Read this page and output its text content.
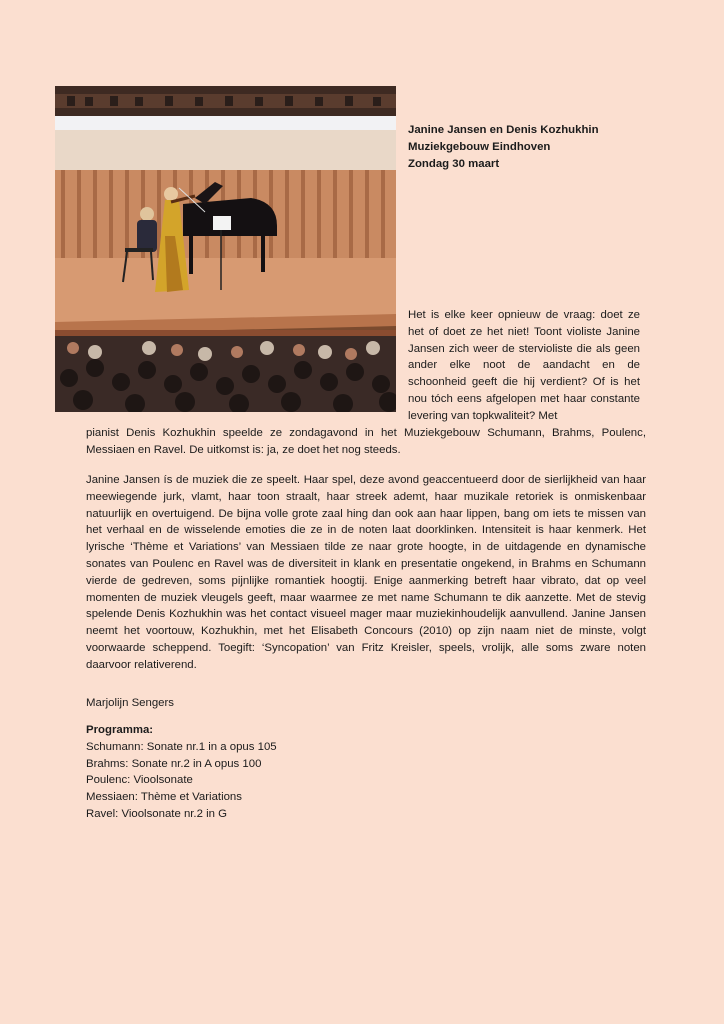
Janine Jansen en Denis Kozhukhin
Muziekgebouw Eindhoven
Zondag 30 maart
Het is elke keer opnieuw de vraag: doet ze het of doet ze het niet! Toont violiste Janine Jansen zich weer de stervioliste die als geen ander elke noot de aandacht en de schoonheid geeft die hij verdient? Of is het nou tóch eens afgelopen met haar constante levering van topkwaliteit? Met
pianist Denis Kozhukhin speelde ze zondagavond in het Muziekgebouw Schumann, Brahms, Poulenc, Messiaen en Ravel. De uitkomst is: ja, ze doet het nog steeds.
Janine Jansen ís de muziek die ze speelt. Haar spel, deze avond geaccentueerd door de sierlijkheid van haar meewiegende jurk, vlamt, haar toon straalt, haar streek ademt, haar muzikale retoriek is onmiskenbaar natuurlijk en overtuigend. De bijna volle grote zaal hing dan ook aan haar lippen, bang om iets te missen van het verhaal en de wisselende emoties die ze in de noten laat doorklinken. Intensiteit is haar kenmerk. Het lyrische ‘Thème et Variations’ van Messiaen tilde ze naar grote hoogte, in de uitdagende en dynamische sonates van Poulenc en Ravel was de diversiteit in klank en presentatie ongekend, in Brahms en Schumann vierde de gedreven, soms pijnlijke romantiek hoogtij. Enige aanmerking betreft haar vibrato, dat op veel momenten de muziek vleugels geeft, maar waarmee ze met name Schumann te dik aanzette. Met de stevig spelende Denis Kozhukhin was het contact visueel mager maar muziekinhoudelijk aanvullend. Janine Jansen neemt het voortouw, Kozhukhin, met het Elisabeth Concours (2010) op zijn naam niet de minste, volgt voorwaarde scheppend. Toegift: ‘Syncopation’ van Fritz Kreisler, speels, vrolijk, alle soms zware noten daarvoor relativerend.
Marjolijn Sengers
Programma:
Schumann: Sonate nr.1 in a opus 105
Brahms: Sonate nr.2 in A opus 100
Poulenc: Vioolsonate
Messiaen: Thème et Variations
Ravel: Vioolsonate nr.2 in G
